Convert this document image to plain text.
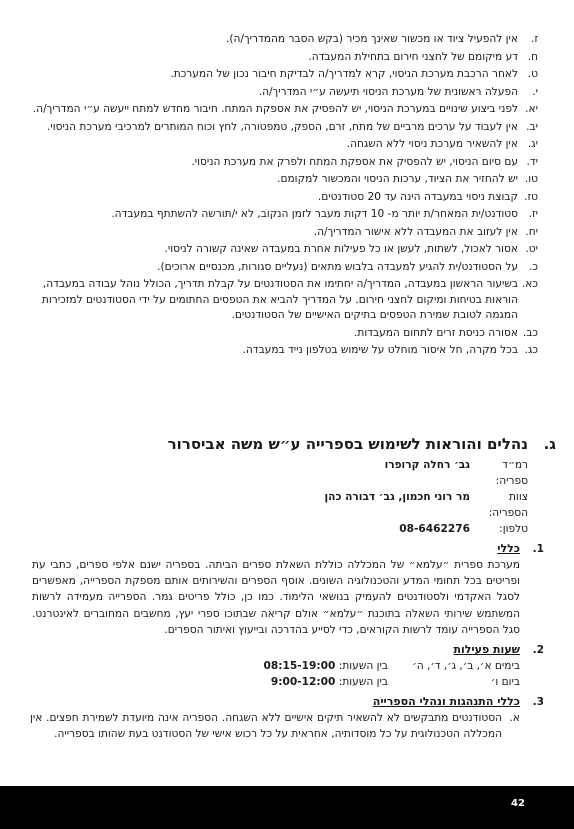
ז.
אין להפעיל ציוד או מכשור שאינך מכיר (בקש הסבר מהמדריך/ה).
ח.
דע מיקומם של לחצני חירום בתחילת המעבדה.
ט.
לאחר הרכבת מערכת הניסוי, קרא למדריך/ה לבדיקת חיבור נכון של המערכת.
י.
הפעלה ראשונית של מערכת הניסוי תיעשה ע״י המדריך/ה.
יא.
לפני ביצוע שינויים במערכת הניסוי, יש להפסיק את אספקת המתח. חיבור מחדש למתח ייעשה ע״י המדריך/ה.
יב.
אין לעבוד על ערכים מרביים של מתח, זרם, הספק, טמפטורה, לחץ וכוח המותרים למרכיבי מערכת הניסוי.
יג.
אין להשאיר מערכת ניסוי ללא השגחה.
יד.
עם סיום הניסוי, יש להפסיק את אספקת המתח ולפרק את מערכת הניסוי.
טו.
יש להחזיר את הציוד, ערכות הניסוי והמכשור למקומם.
טז.
קבוצת ניסוי במעבדה הינה עד 20 סטודנטים.
יז.
סטודנט/ית המאחר/ת יותר מ- 10 דקות מעבר לזמן הנקוב, לא י/תורשה להשתתף במעבדה.
יח.
אין לעזוב את המעבדה ללא אישור המדריך/ה.
יט.
אסור לאכול, לשתות, לעשן או כל פעילות אחרת במעבדה שאינה קשורה לניסוי.
כ.
על הסטודנט/ית להגיע למעבדה בלבוש מתאים (נעליים סגורות, מכנסיים ארוכים).
כא.
בשיעור הראשון במעבדה, המדריך/ה יחתימו את הסטודנטים על קבלת תדריך, הכולל נוהל עבודה במעבדה, הוראות בטיחות ומיקום לחצני חירום. על המדריך להביא את הטפסים החתומים על ידי הסטודנטים למזכירות המגמה לטובת שמירת הטפסים בתיקים האישיים של הסטודנטים.
כב.
אסורה כניסת זרים לתחום המעבדות.
כג.
בכל מקרה, חל איסור מוחלט על שימוש בטלפון נייד במעבדה.
ג.
נהלים והוראות לשימוש בספרייה ע״ש משה אביסרור
רמ״ד ספריה:
גב׳ רחלה קרופרו
צוות הספריה:
מר רוני חכמון, גב׳ דבורה כהן
טלפון:
08-6462276
1.
כללי
מערכת ספרית ״עלמא״ של המכללה כוללת השאלת ספרים הביתה. בספריה ישנם אלפי ספרים, כתבי עת ופריטים בכל תחומי המדע והטכנולוגיה השונים. אוסף הספרים והשירותים אותם מספקת הספרייה, מאפשרים לסגל האקדמי ולסטודנטים להעמיק בנושאי הלימוד. כמו כן, כולל פריטים גמר. הספרייה מעמידה לרשות המשתמש שירותי השאלה בתוכנת ״עלמא״ אולם קריאה שבתוכו ספרי יעץ, מחשבים המחוברים לאינטרנט. סגל הספרייה עומד לרשות הקוראים, כדי לסייע בהדרכה ובייעוץ ואיתור הספרים.
2.
שעות פעילות
בימים א׳, ב׳, ג׳, ד׳, ה׳
בין השעות:

08:15-19:00
ביום ו׳
בין השעות:

9:00-12:00
3.
כללי התנהגות ונהלי הספרייה
א.
הסטודנטים מתבקשים לא להשאיר תיקים אישיים ללא השגחה. הספריה אינה מיועדת לשמירת חפצים. אין המכללה הטכנולוגית על כל מוסדותיה, אחראית על כל רכוש אישי של הסטודנט בעת שהותו בספרייה.
42
